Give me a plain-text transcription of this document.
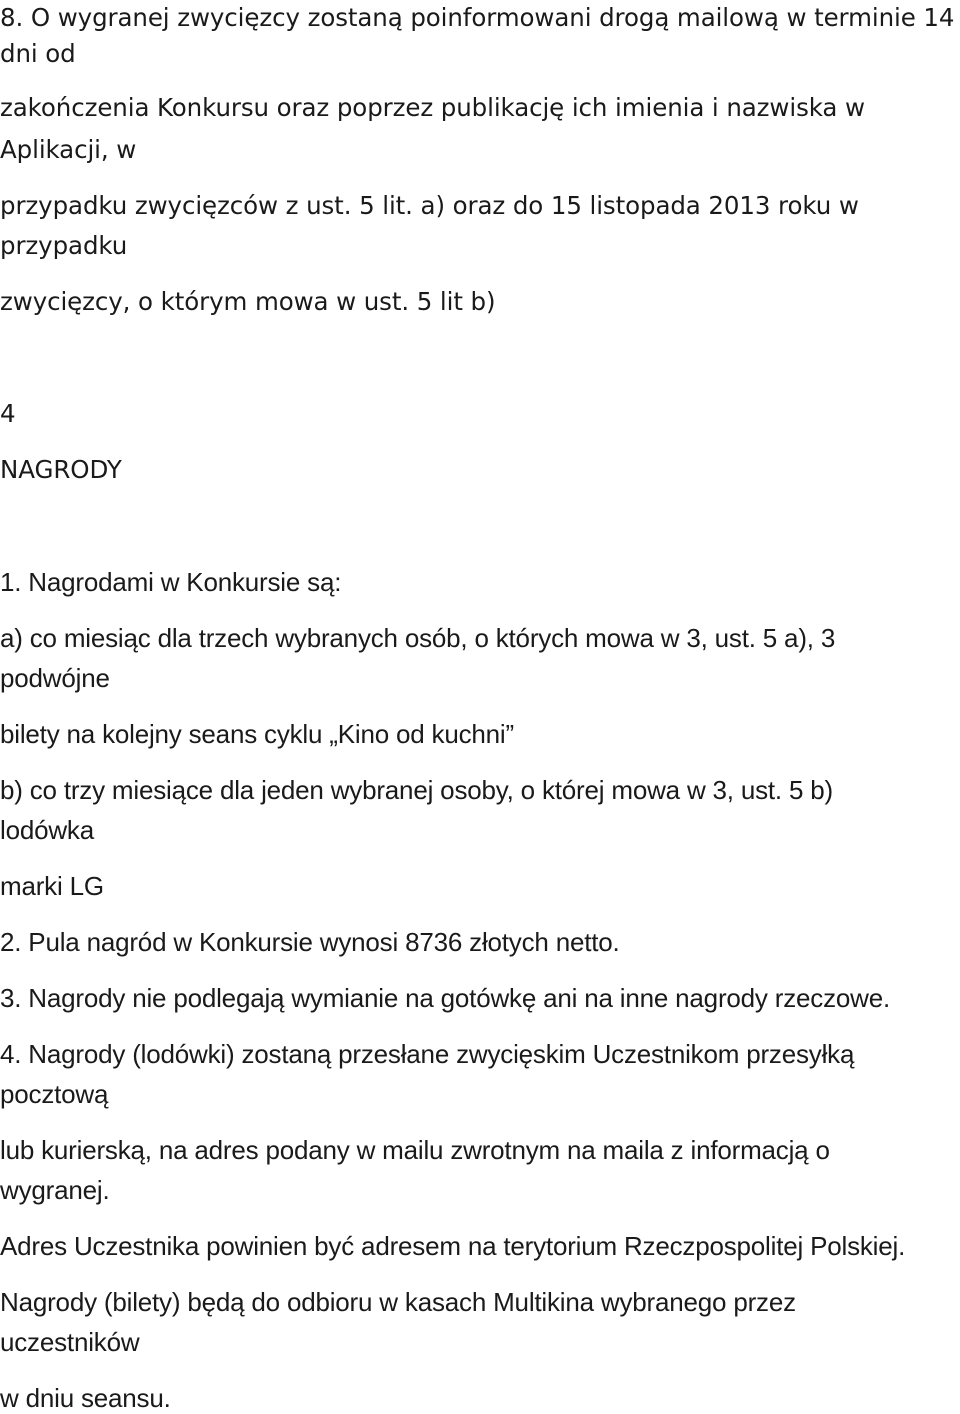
8. O wygranej zwycięzcy zostaną poinformowani drogą mailową w terminie 14
dni od
zakończenia Konkursu oraz poprzez publikację ich imienia i nazwiska w
Aplikacji, w
przypadku zwycięzców z ust. 5 lit. a) oraz do 15 listopada 2013 roku w
przypadku
zwycięzcy, o którym mowa w ust. 5 lit b)
4
NAGRODY
1. Nagrodami w Konkursie są:
a) co miesiąc dla trzech wybranych osób, o których mowa w 3, ust. 5 a), 3
podwójne
bilety na kolejny seans cyklu „Kino od kuchni”
b) co trzy miesiące dla jeden wybranej osoby, o której mowa w 3, ust. 5 b)
lodówka
marki LG
2. Pula nagród w Konkursie wynosi 8736 złotych netto.
3. Nagrody nie podlegają wymianie na gotówkę ani na inne nagrody rzeczowe.
4. Nagrody (lodówki) zostaną przesłane zwycięskim Uczestnikom przesyłką
pocztową
lub kurierską, na adres podany w mailu zwrotnym na maila z informacją o
wygranej.
Adres Uczestnika powinien być adresem na terytorium Rzeczpospolitej Polskiej.
Nagrody (bilety) będą do odbioru w kasach Multikina wybranego przez
uczestników
w dniu seansu.
